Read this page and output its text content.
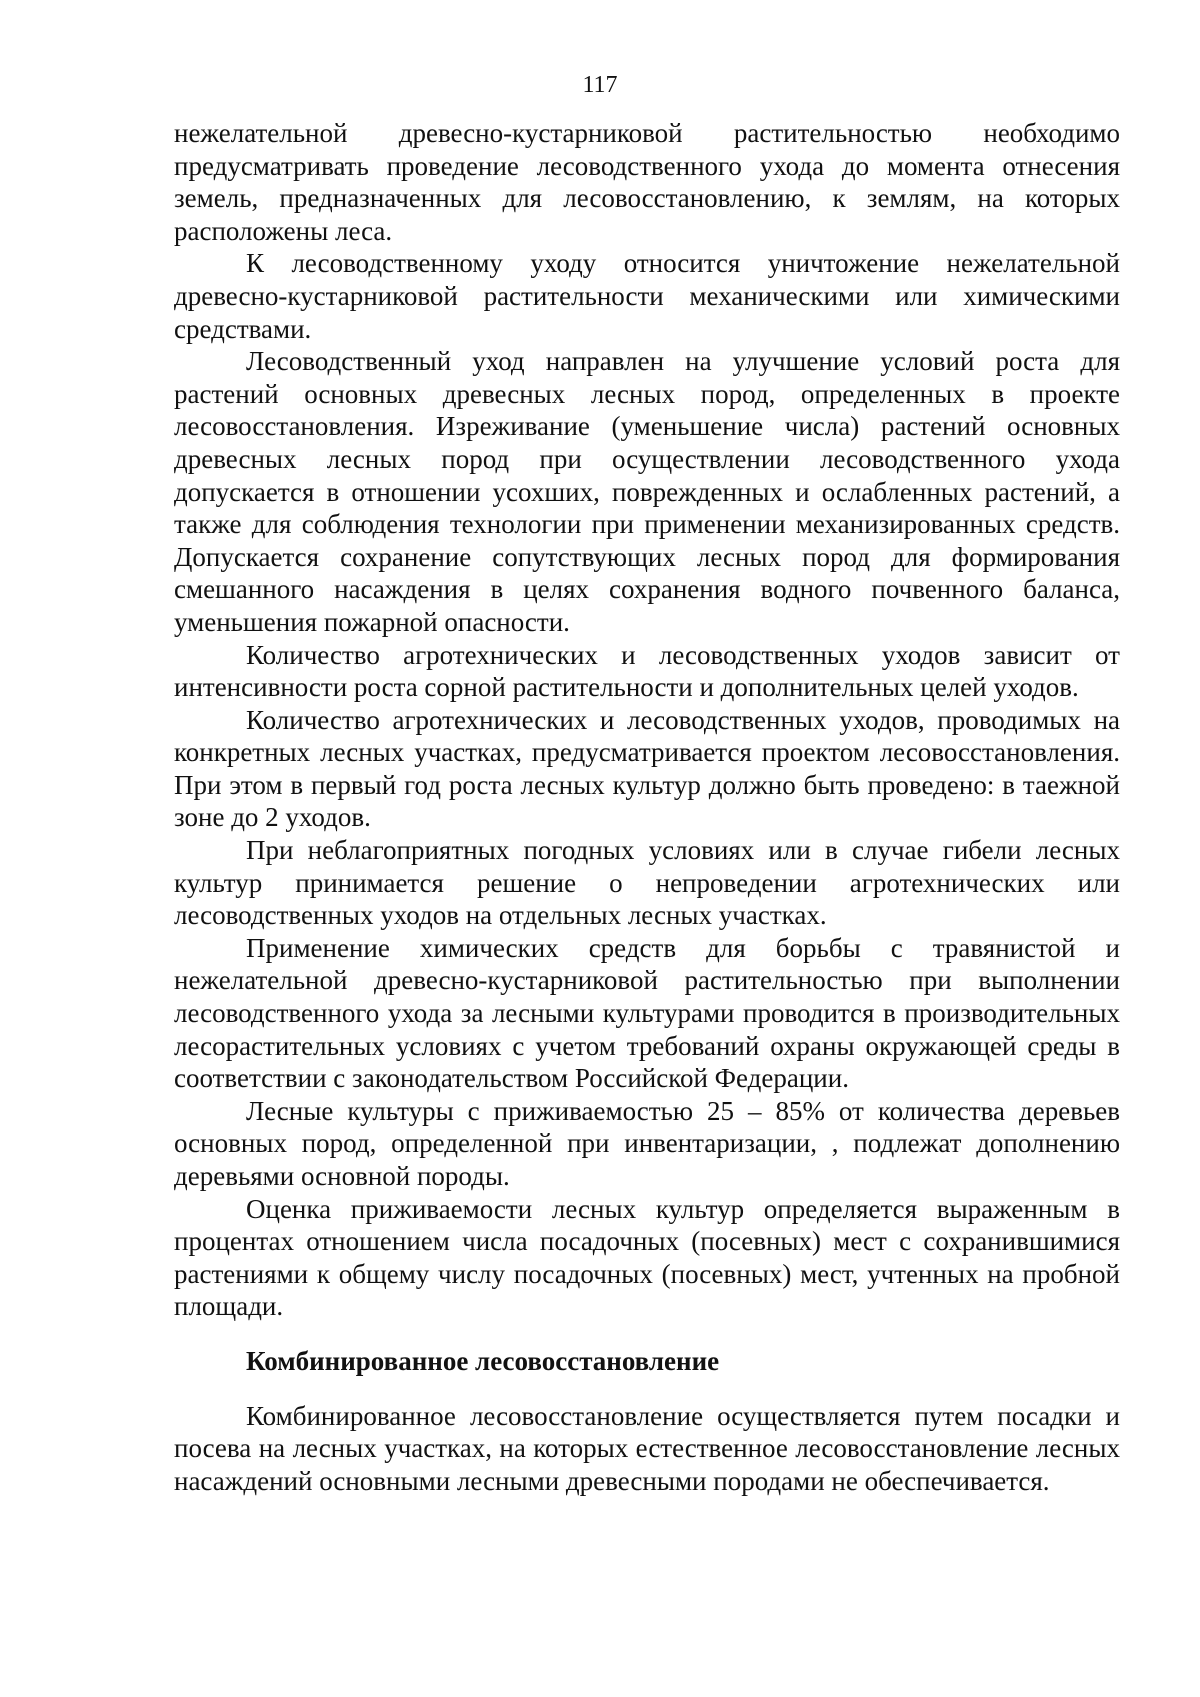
117

нежелательной древесно-кустарниковой растительностью необходимо предусматривать проведение лесоводственного ухода до момента отнесения земель, предназначенных для лесовосстановлению, к землям, на которых расположены леса.

К лесоводственному уходу относится уничтожение нежелательной древесно-кустарниковой растительности механическими или химическими средствами.

Лесоводственный уход направлен на улучшение условий роста для растений основных древесных лесных пород, определенных в проекте лесовосстановления. Изреживание (уменьшение числа) растений основных древесных лесных пород при осуществлении лесоводственного ухода допускается в отношении усохших, поврежденных и ослабленных растений, а также для соблюдения технологии при применении механизированных средств. Допускается сохранение сопутствующих лесных пород для формирования смешанного насаждения в целях сохранения водного почвенного баланса, уменьшения пожарной опасности.

Количество агротехнических и лесоводственных уходов зависит от интенсивности роста сорной растительности и дополнительных целей уходов.

Количество агротехнических и лесоводственных уходов, проводимых на конкретных лесных участках, предусматривается проектом лесовосстановления. При этом в первый год роста лесных культур должно быть проведено: в таежной зоне до 2 уходов.

При неблагоприятных погодных условиях или в случае гибели лесных культур принимается решение о непроведении агротехнических или лесоводственных уходов на отдельных лесных участках.

Применение химических средств для борьбы с травянистой и нежелательной древесно-кустарниковой растительностью при выполнении лесоводственного ухода за лесными культурами проводится в производительных лесорастительных условиях с учетом требований охраны окружающей среды в соответствии с законодательством Российской Федерации.

Лесные культуры с приживаемостью 25 – 85% от количества деревьев основных пород, определенной при инвентаризации, , подлежат дополнению деревьями основной породы.

Оценка приживаемости лесных культур определяется выраженным в процентах отношением числа посадочных (посевных) мест с сохранившимися растениями к общему числу посадочных (посевных) мест, учтенных на пробной площади.

Комбинированное лесовосстановление

Комбинированное лесовосстановление осуществляется путем посадки и посева на лесных участках, на которых естественное лесовосстановление лесных насаждений основными лесными древесными породами не обеспечивается.
